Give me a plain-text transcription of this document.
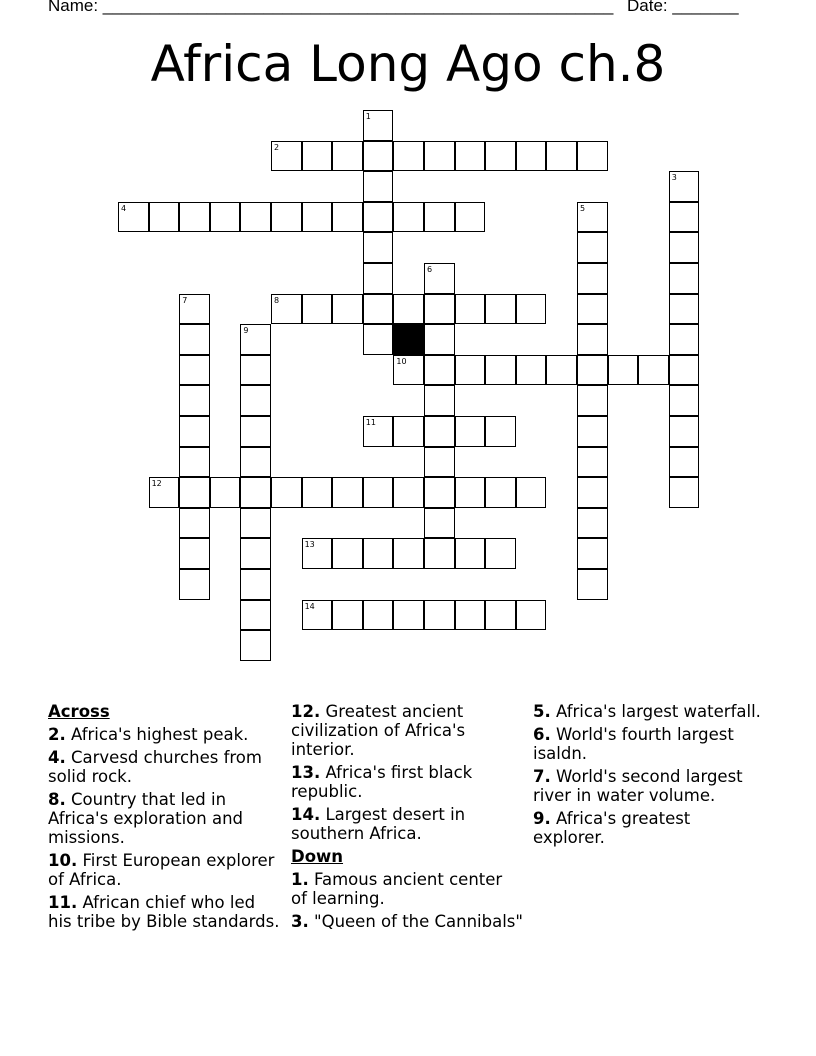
Name: ______________________________________________________ Date: _______
Africa Long Ago ch.8
1
2
3
4	5
6
7	8
9
10
11
12
13
14
Across
2. Africa's highest peak.
4. Carvesd churches from solid rock.
8. Country that led in Africa's exploration and missions.
10. First European explorer of Africa.
11. African chief who led his tribe by Bible standards.
12. Greatest ancient civilization of Africa's interior.
13. Africa's first black republic.
14. Largest desert in southern Africa.
Down
1. Famous ancient center of learning.
3. "Queen of the Cannibals"
5. Africa's largest waterfall.
6. World's fourth largest isaldn.
7. World's second largest river in water volume.
9. Africa's greatest explorer.
